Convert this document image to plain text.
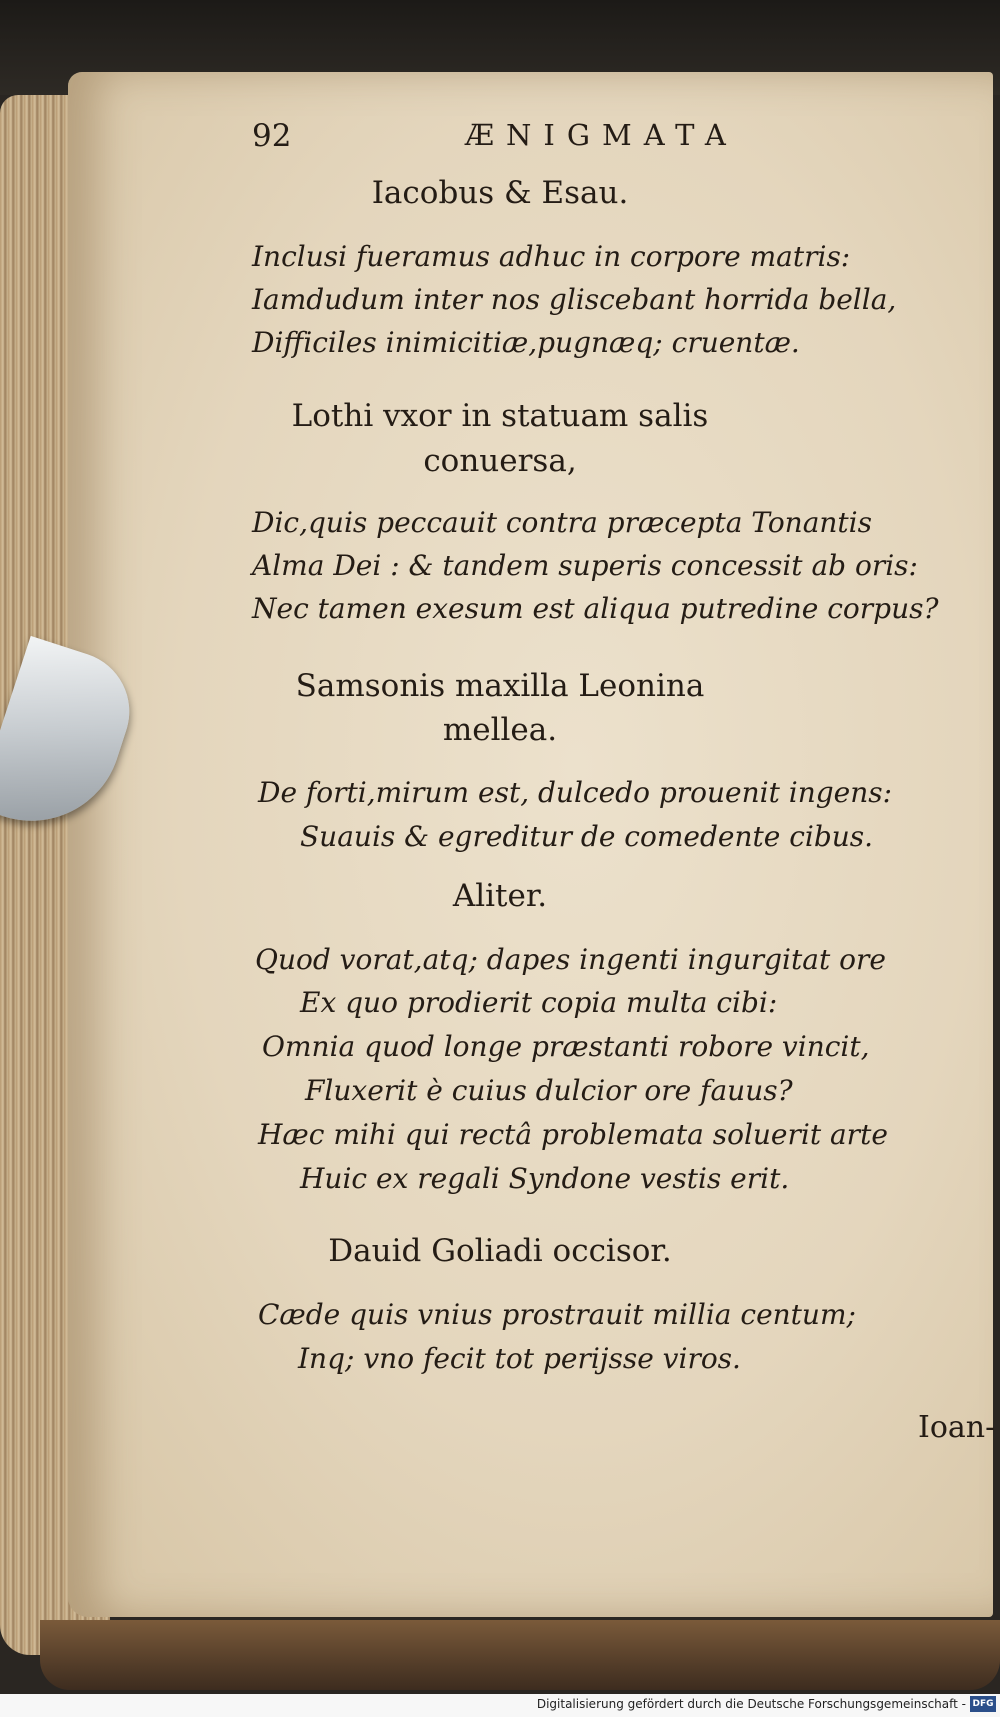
92	ÆNIGMATA
Iacobus & Esau.
Inclusi fueramus adhuc in corpore matris:
Iamdudum inter nos gliscebant horrida bella,
Difficiles inimicitiæ,pugnæq; cruentæ.
Lothi vxor in statuam salis
conuersa,
Dic,quis peccauit contra præcepta Tonantis
Alma Dei : & tandem superis concessit ab oris:
Nec tamen exesum est aliqua putredine corpus?
Samsonis maxilla Leonina
mellea.
De forti,mirum est, dulcedo prouenit ingens:
Suauis & egreditur de comedente cibus.
Aliter.
Quod vorat,atq; dapes ingenti ingurgitat ore
Ex quo prodierit copia multa cibi:
Omnia quod longe præstanti robore vincit,
Fluxerit è cuius dulcior ore fauus?
Hæc mihi qui rectâ problemata soluerit arte
Huic ex regali Syndone vestis erit.
Dauid Goliadi occisor.
Cæde quis vnius prostrauit millia centum;
Inq; vno fecit tot perijsse viros.
Ioan-
Digitalisierung gefördert durch die Deutsche Forschungsgemeinschaft - DFG
